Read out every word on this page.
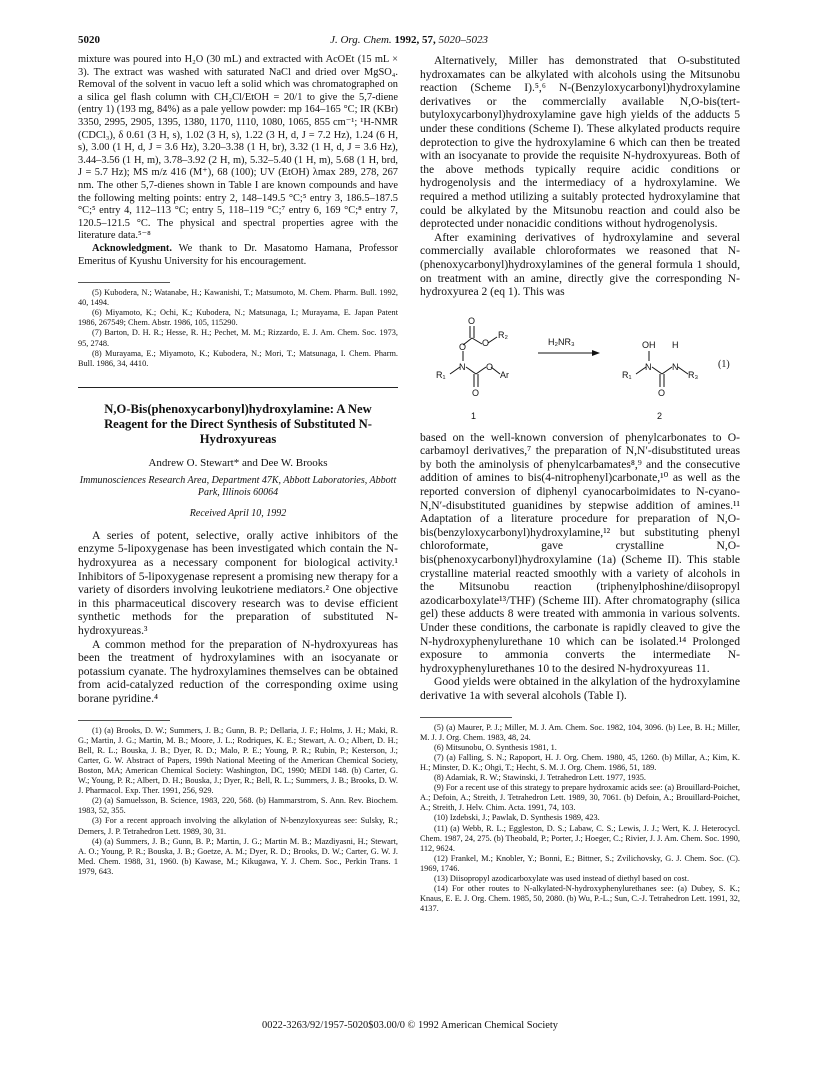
5020	J. Org. Chem. 1992, 57, 5020–5023

mixture was poured into H₂O (30 mL) and extracted with AcOEt (15 mL × 3). The extract was washed with saturated NaCl and dried over MgSO₄. Removal of the solvent in vacuo left a solid which was chromatographed on a silica gel flash column with CH₂Cl/EtOH = 20/1 to give the 5,7-diene (entry 1) (193 mg, 84%) as a pale yellow powder: mp 164–165 °C; IR (KBr) 3350, 2995, 2905, 1395, 1380, 1170, 1110, 1080, 1065, 855 cm⁻¹; ¹H-NMR (CDCl₃), δ 0.61 (3 H, s), 1.02 (3 H, s), 1.22 (3 H, d, J = 7.2 Hz), 1.24 (6 H, s), 3.00 (1 H, d, J = 3.6 Hz), 3.20–3.38 (1 H, br), 3.32 (1 H, d, J = 3.6 Hz), 3.44–3.56 (1 H, m), 3.78–3.92 (2 H, m), 5.32–5.40 (1 H, m), 5.68 (1 H, brd, J = 5.7 Hz); MS m/z 416 (M⁺), 68 (100); UV (EtOH) λmax 289, 278, 267 nm. The other 5,7-dienes shown in Table I are known compounds and have the following melting points: entry 2, 148–149.5 °C;⁵ entry 3, 186.5–187.5 °C;⁵ entry 4, 112–113 °C; entry 5, 118–119 °C;⁷ entry 6, 169 °C;⁸ entry 7, 120.5–121.5 °C. The physical and spectral properties agree with the literature data.⁵⁻⁸

Acknowledgment. We thank to Dr. Masatomo Hamana, Professor Emeritus of Kyushu University for his encouragement.

(5) Kubodera, N.; Watanabe, H.; Kawanishi, T.; Matsumoto, M. Chem. Pharm. Bull. 1992, 40, 1494.

(6) Miyamoto, K.; Ochi, K.; Kubodera, N.; Matsunaga, I.; Murayama, E. Japan Patent 1986, 267549; Chem. Abstr. 1986, 105, 115290.

(7) Barton, D. H. R.; Hesse, R. H.; Pechet, M. M.; Rizzardo, E. J. Am. Chem. Soc. 1973, 95, 2748.

(8) Murayama, E.; Miyamoto, K.; Kubodera, N.; Mori, T.; Matsunaga, I. Chem. Pharm. Bull. 1986, 34, 4410.

N,O-Bis(phenoxycarbonyl)hydroxylamine: A New Reagent for the Direct Synthesis of Substituted N-Hydroxyureas
Andrew O. Stewart* and Dee W. Brooks
Immunosciences Research Area, Department 47K, Abbott Laboratories, Abbott Park, Illinois 60064
Received April 10, 1992

A series of potent, selective, orally active inhibitors of the enzyme 5-lipoxygenase has been investigated which contain the N-hydroxyurea as a necessary component for biological activity.¹ Inhibitors of 5-lipoxygenase represent a promising new therapy for a variety of disorders involving leukotriene mediators.² One objective in this pharmaceutical discovery research was to devise efficient synthetic methods for the preparation of substituted N-hydroxyureas.³

A common method for the preparation of N-hydroxyureas has been the treatment of hydroxylamines with an isocyanate or potassium cyanate. The hydroxylamines themselves can be obtained from acid-catalyzed reduction of the corresponding oxime using borane pyridine.⁴

(1) (a) Brooks, D. W.; Summers, J. B.; Gunn, B. P.; Dellaria, J. F.; Holms, J. H.; Maki, R. G.; Martin, J. G.; Martin, M. B.; Moore, J. L.; Rodriques, K. E.; Stewart, A. O.; Albert, D. H.; Bell, R. L.; Bouska, J. B.; Dyer, R. D.; Malo, P. E.; Young, P. R.; Rubin, P.; Kesterson, J.; Carter, G. W. Abstract of Papers, 199th National Meeting of the American Chemical Society, Boston, MA; American Chemical Society: Washington, DC, 1990; MEDI 148. (b) Carter, G. W.; Young, P. R.; Albert, D. H.; Bouska, J.; Dyer, R.; Bell, R. L.; Summers, J. B.; Brooks, D. W. J. Pharmacol. Exp. Ther. 1991, 256, 929.

(2) (a) Samuelsson, B. Science, 1983, 220, 568. (b) Hammarstrom, S. Ann. Rev. Biochem. 1983, 52, 355.

(3) For a recent approach involving the alkylation of N-benzyloxyureas see: Sulsky, R.; Demers, J. P. Tetrahedron Lett. 1989, 30, 31.

(4) (a) Summers, J. B.; Gunn, B. P.; Martin, J. G.; Martin M. B.; Mazdiyasni, H.; Stewart, A. O.; Young, P. R.; Bouska, J. B.; Goetze, A. M.; Dyer, R. D.; Brooks, D. W.; Carter, G. W. J. Med. Chem. 1988, 31, 1960. (b) Kawase, M.; Kikugawa, Y. J. Chem. Soc., Perkin Trans. 1 1979, 643.

Alternatively, Miller has demonstrated that O-substituted hydroxamates can be alkylated with alcohols using the Mitsunobu reaction (Scheme I).⁵,⁶ N-(Benzyloxycarbonyl)hydroxylamine derivatives or the commercially available N,O-bis(tert-butyloxycarbonyl)hydroxylamine gave high yields of the adducts 5 under these conditions (Scheme I). These alkylated products require deprotection to give the hydroxylamine 6 which can then be treated with an isocyanate to provide the requisite N-hydroxyureas. Both of the above methods typically require acidic conditions or hydrogenolysis and the intermediacy of a hydroxylamine. We required a method utilizing a suitably protected hydroxylamine that could be alkylated by the Mitsunobu reaction and could also be deprotected under nonacidic conditions without hydrogenolysis.

After examining derivatives of hydroxylamine and several commercially available chloroformates we reasoned that N-(phenoxycarbonyl)hydroxylamines of the general formula 1 should, on treatment with an amine, directly give the corresponding N-hydroxyurea 2 (eq 1). This was

O
O O
R₂
N O
Ar
R₁
O
1
H₂NR₃	OH H
N N
R₁	R₃
O
2
(1)

based on the well-known conversion of phenylcarbonates to O-carbamoyl derivatives,⁷ the preparation of N,N′-disubstituted ureas by both the aminolysis of phenylcarbamates⁸,⁹ and the consecutive addition of amines to bis(4-nitrophenyl)carbonate,¹⁰ as well as the reported conversion of diphenyl cyanocarboimidates to N-cyano-N,N′-disubstituted guanidines by stepwise addition of amines.¹¹ Adaptation of a literature procedure for preparation of N,O-bis(benzyloxycarbonyl)hydroxylamine,¹² but substituting phenyl chloroformate, gave crystalline N,O-bis(phenoxycarbonyl)hydroxylamine (1a) (Scheme II). This stable crystalline material reacted smoothly with a variety of alcohols in the Mitsunobu reaction (triphenylphoshine/diisopropyl azodicarboxylate¹³/THF) (Scheme III). After chromatography (silica gel) these adducts 8 were treated with ammonia in various solvents. Under these conditions, the carbonate is rapidly cleaved to give the N-hydroxyphenylurethane 10 which can be isolated.¹⁴ Prolonged exposure to ammonia converts the intermediate N-hydroxyphenylurethanes 10 to the desired N-hydroxyureas 11.

Good yields were obtained in the alkylation of the hydroxylamine derivative 1a with several alcohols (Table I).

(5) (a) Maurer, P. J.; Miller, M. J. Am. Chem. Soc. 1982, 104, 3096. (b) Lee, B. H.; Miller, M. J. J. Org. Chem. 1983, 48, 24.

(6) Mitsunobu, O. Synthesis 1981, 1.

(7) (a) Falling, S. N.; Rapoport, H. J. Org. Chem. 1980, 45, 1260. (b) Millar, A.; Kim, K. H.; Minster, D. K.; Ohgi, T.; Hecht, S. M. J. Org. Chem. 1986, 51, 189.

(8) Adamiak, R. W.; Stawinski, J. Tetrahedron Lett. 1977, 1935.

(9) For a recent use of this strategy to prepare hydroxamic acids see: (a) Brouillard-Poichet, A.; Defoin, A.; Streith, J. Tetrahedron Lett. 1989, 30, 7061. (b) Defoin, A.; Brouillard-Poichet, A.; Streith, J. Helv. Chim. Acta. 1991, 74, 103.

(10) Izdebski, J.; Pawlak, D. Synthesis 1989, 423.

(11) (a) Webb, R. L.; Eggleston, D. S.; Labaw, C. S.; Lewis, J. J.; Wert, K. J. Heterocycl. Chem. 1987, 24, 275. (b) Theobald, P.; Porter, J.; Hoeger, C.; Rivier, J. J. Am. Chem. Soc. 1990, 112, 9624.

(12) Frankel, M.; Knobler, Y.; Bonni, E.; Bittner, S.; Zvilichovsky, G. J. Chem. Soc. (C). 1969, 1746.

(13) Diisopropyl azodicarboxylate was used instead of diethyl based on cost.

(14) For other routes to N-alkylated-N-hydroxyphenylurethanes see: (a) Dubey, S. K.; Knaus, E. E. J. Org. Chem. 1985, 50, 2080. (b) Wu, P.-L.; Sun, C.-J. Tetrahedron Lett. 1991, 32, 4137.

0022-3263/92/1957-5020$03.00/0 © 1992 American Chemical Society
